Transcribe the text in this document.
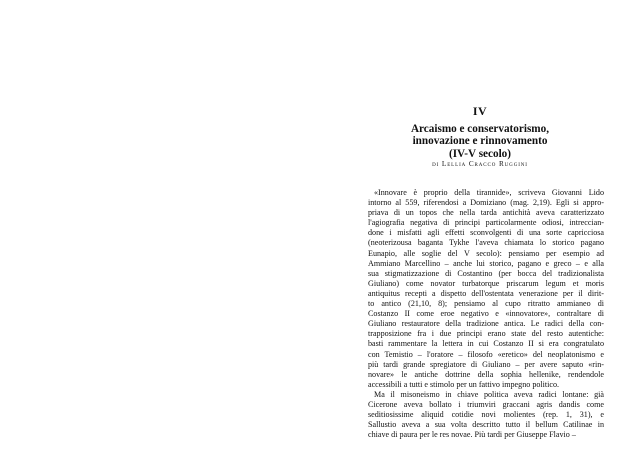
IV
Arcaismo e conservatorismo,
innovazione e rinnovamento
(IV-V secolo)

di Lellia Cracco Ruggini

«Innovare è proprio della tirannide», scriveva Giovanni Lido
intorno al 559, riferendosi a Domiziano (mag. 2,19). Egli si appro-
priava di un topos che nella tarda antichità aveva caratterizzato
l'agiografia negativa di principi particolarmente odiosi, intreccian-
done i misfatti agli effetti sconvolgenti di una sorte capricciosa
(neoterizousa baganta Tykhe l'aveva chiamata lo storico pagano
Eunapio, alle soglie del V secolo): pensiamo per esempio ad
Ammiano Marcellino – anche lui storico, pagano e greco – e alla
sua stigmatizzazione di Costantino (per bocca del tradizionalista
Giuliano) come novator turbatorque priscarum legum et moris
antiquitus recepti a dispetto dell'ostentata venerazione per il dirit-
to antico (21,10, 8); pensiamo al cupo ritratto ammianeo di
Costanzo II come eroe negativo e «innovatore», contraltare di
Giuliano restauratore della tradizione antica. Le radici della con-
trapposizione fra i due principi erano state del resto autentiche:
basti rammentare la lettera in cui Costanzo II si era congratulato
con Temistio – l'oratore – filosofo «eretico» del neoplatonismo e
più tardi grande spregiatore di Giuliano – per avere saputo «rin-
novare» le antiche dottrine della sophia hellenike, rendendole
accessibili a tutti e stimolo per un fattivo impegno politico.
Ma il misoneismo in chiave politica aveva radici lontane: già
Cicerone aveva bollato i triumviri graccani agris dandis come
seditiosissime aliquid cotidie novi molientes (rep. 1, 31), e
Sallustio aveva a sua volta descritto tutto il bellum Catilinae in
chiave di paura per le res novae. Più tardi per Giuseppe Flavio –
